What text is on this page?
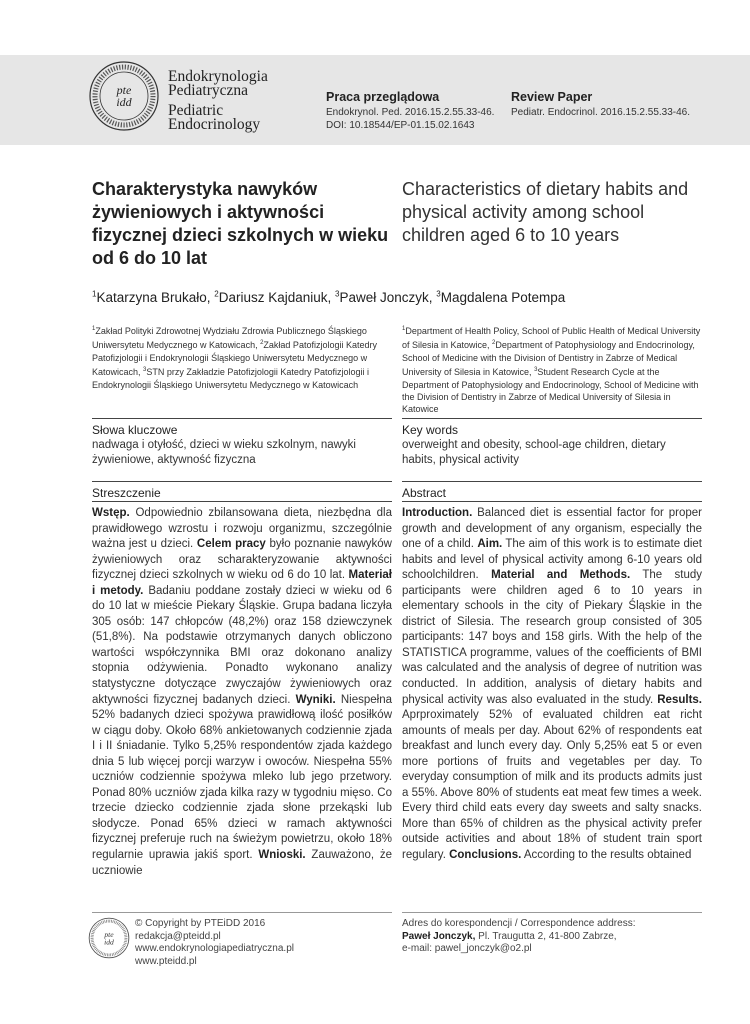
pte
idd
Endokrynologia
Pediatryczna
Pediatric
Endocrinology
Praca przeglądowa
Endokrynol. Ped. 2016.15.2.55.33-46.
DOI: 10.18544/EP-01.15.02.1643
Review Paper
Pediatr. Endocrinol. 2016.15.2.55.33-46.
Charakterystyka nawyków żywieniowych i aktywności fizycznej dzieci szkolnych w wieku od 6 do 10 lat
Characteristics of dietary habits and physical activity among school children aged 6 to 10 years
$^1$Katarzyna Brukało, $^2$Dariusz Kajdaniuk, $^3$Paweł Jonczyk, $^3$Magdalena Potempa
$^1$Zakład Polityki Zdrowotnej Wydziału Zdrowia Publicznego Śląskiego Uniwersytetu Medycznego w Katowicach, $^2$Zakład Patofizjologii Katedry Patofizjologii i Endokrynologii Śląskiego Uniwersytetu Medycznego w Katowicach, $^3$STN przy Zakładzie Patofizjologii Katedry Patofizjologii i Endokrynologii Śląskiego Uniwersytetu Medycznego w Katowicach
$^1$Department of Health Policy, School of Public Health of Medical University of Silesia in Katowice, $^2$Department of Patophysiology and Endocrinology, School of Medicine with the Division of Dentistry in Zabrze of Medical University of Silesia in Katowice, $^3$Student Research Cycle at the Department of Patophysiology and Endocrinology, School of Medicine with the Division of Dentistry in Zabrze of Medical University of Silesia in Katowice
Słowa kluczowe	Key words
nadwaga i otyłość, dzieci w wieku szkolnym, nawyki żywieniowe, aktywność fizyczna
overweight and obesity, school-age children, dietary habits, physical activity
Streszczenie	Abstract
Wstęp. Odpowiednio zbilansowana dieta, niezbędna dla prawidłowego wzrostu i rozwoju organizmu, szczególnie ważna jest u dzieci. Celem pracy było poznanie nawyków żywieniowych oraz scharakteryzowanie aktywności fizycznej dzieci szkolnych w wieku od 6 do 10 lat. Materiał i metody. Badaniu poddane zostały dzieci w wieku od 6 do 10 lat w mieście Piekary Śląskie. Grupa badana liczyła 305 osób: 147 chłopców (48,2%) oraz 158 dziewczynek (51,8%). Na podstawie otrzymanych danych obliczono wartości współczynnika BMI oraz dokonano analizy stopnia odżywienia. Ponadto wykonano analizy statystyczne dotyczące zwyczajów żywieniowych oraz aktywności fizycznej badanych dzieci. Wyniki. Niespełna 52% badanych dzieci spożywa prawidłową ilość posiłków w ciągu doby. Około 68% ankietowanych codziennie zjada I i II śniadanie. Tylko 5,25% respondentów zjada każdego dnia 5 lub więcej porcji warzyw i owoców. Niespełna 55% uczniów codziennie spożywa mleko lub jego przetwory. Ponad 80% uczniów zjada kilka razy w tygodniu mięso. Co trzecie dziecko codziennie zjada słone przekąski lub słodycze. Ponad 65% dzieci w ramach aktywności fizycznej preferuje ruch na świeżym powietrzu, około 18% regularnie uprawia jakiś sport. Wnioski. Zauważono, że uczniowie
Introduction. Balanced diet is essential factor for proper growth and development of any organism, especially the one of a child. Aim. The aim of this work is to estimate diet habits and level of physical activity among 6-10 years old schoolchildren. Material and Methods. The study participants were children aged 6 to 10 years in elementary schools in the city of Piekary Śląskie in the district of Silesia. The research group consisted of 305 participants: 147 boys and 158 girls. With the help of the STATISTICA programme, values of the coefficients of BMI was calculated and the analysis of degree of nutrition was conducted. In addition, analysis of dietary habits and physical activity was also evaluated in the study. Results. Aprproximately 52% of evaluated children eat richt amounts of meals per day. About 62% of respondents eat breakfast and lunch every day. Only 5,25% eat 5 or even more portions of fruits and vegetables per day. To everyday consumption of milk and its products admits just a 55%. Above 80% of students eat meat few times a week. Every third child eats every day sweets and salty snacks. More than 65% of children as the physical activity prefer outside activities and about 18% of student train sport regulary. Conclusions. According to the results obtained
pte
idd
© Copyright by PTEiDD 2016
redakcja@pteidd.pl
www.endokrynologiapediatryczna.pl
www.pteidd.pl
Adres do korespondencji / Correspondence address:
Paweł Jonczyk, Pl. Traugutta 2, 41-800 Zabrze,
e-mail: pawel_jonczyk@o2.pl
